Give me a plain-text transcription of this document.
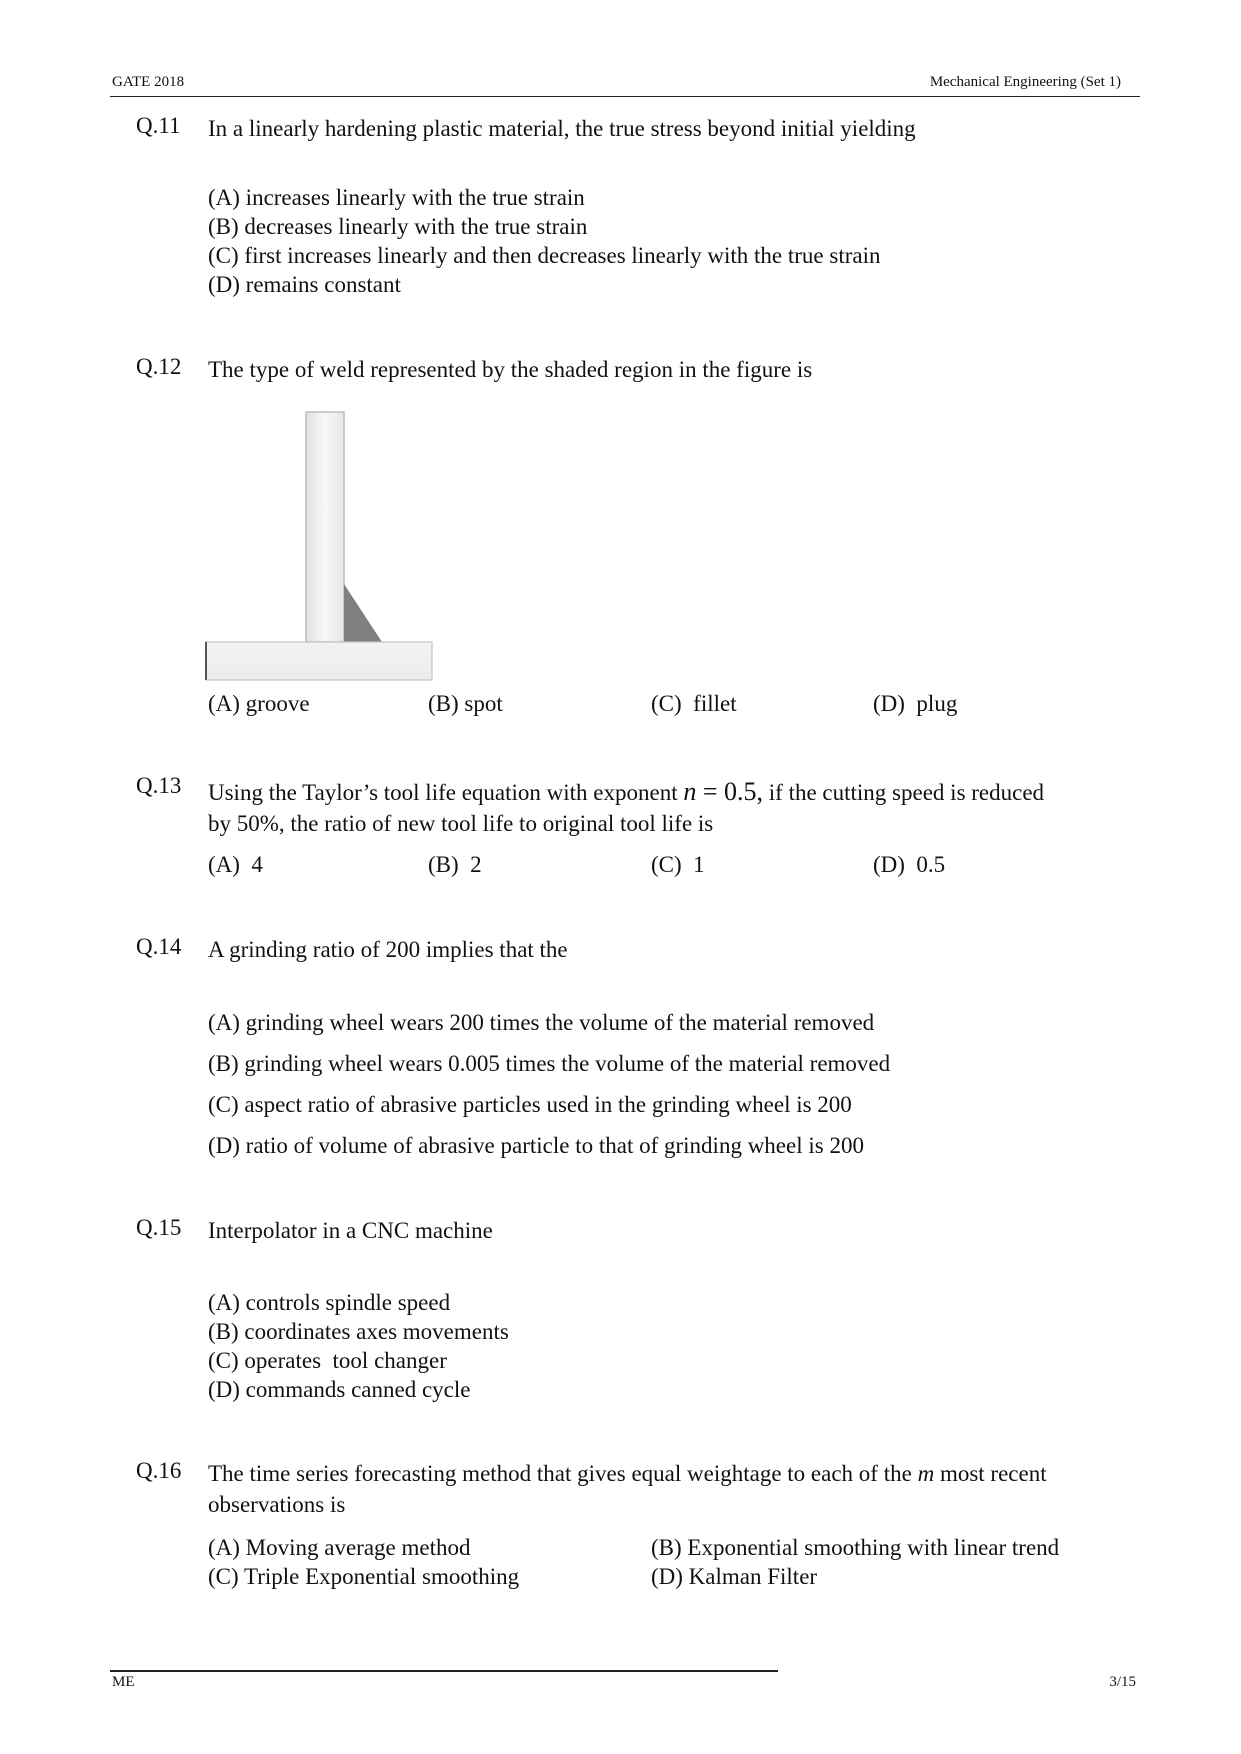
GATE 2018	Mechanical Engineering (Set 1)
Q.11 In a linearly hardening plastic material, the true stress beyond initial yielding
(A) increases linearly with the true strain
(B) decreases linearly with the true strain
(C) first increases linearly and then decreases linearly with the true strain
(D) remains constant
Q.12 The type of weld represented by the shaded region in the figure is
(A) groove	(B) spot	(C)  fillet	(D)  plug
Q.13 Using the Taylor’s tool life equation with exponent n = 0.5, if the cutting speed is reduced
by 50%, the ratio of new tool life to original tool life is
(A)  4	(B)  2	(C)  1	(D)  0.5
Q.14 A grinding ratio of 200 implies that the
(A) grinding wheel wears 200 times the volume of the material removed
(B) grinding wheel wears 0.005 times the volume of the material removed
(C) aspect ratio of abrasive particles used in the grinding wheel is 200
(D) ratio of volume of abrasive particle to that of grinding wheel is 200
Q.15 Interpolator in a CNC machine
(A) controls spindle speed
(B) coordinates axes movements
(C) operates  tool changer
(D) commands canned cycle
Q.16 The time series forecasting method that gives equal weightage to each of the m most recent
observations is
(A) Moving average method	(B) Exponential smoothing with linear trend
(C) Triple Exponential smoothing	(D) Kalman Filter
ME	3/15
